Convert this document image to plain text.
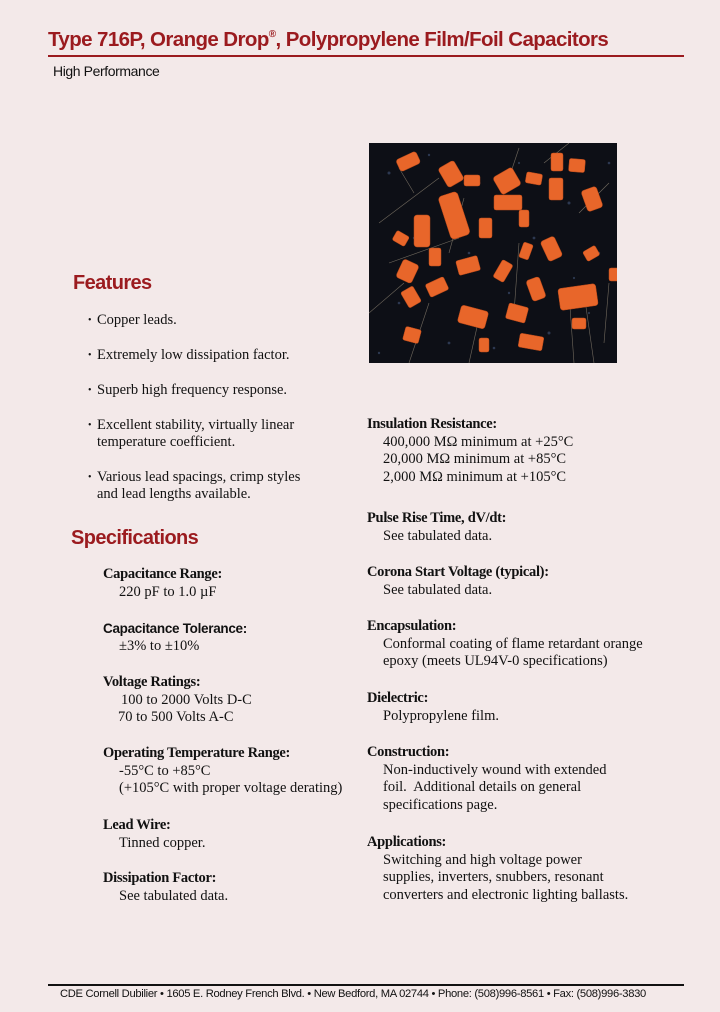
Type 716P, Orange Drop®, Polypropylene Film/Foil Capacitors
High Performance
Features
• Copper leads.
• Extremely low dissipation factor.
• Superb high frequency response.
• Excellent stability, virtually linear temperature coefficient.
• Various lead spacings, crimp styles and lead lengths available.
Specifications
Capacitance Range:
220 pF to 1.0 µF
Capacitance Tolerance:
±3% to ±10%
Voltage Ratings:
100 to 2000 Volts D-C
70 to 500 Volts A-C
Operating Temperature Range:
-55°C to +85°C
(+105°C with proper voltage derating)
Lead Wire:
Tinned copper.
Dissipation Factor:
See tabulated data.
Insulation Resistance:
400,000 MΩ minimum at +25°C
20,000 MΩ minimum at +85°C
2,000 MΩ minimum at +105°C
Pulse Rise Time, dV/dt:
See tabulated data.
Corona Start Voltage (typical):
See tabulated data.
Encapsulation:
Conformal coating of flame retardant orange
epoxy (meets UL94V-0 specifications)
Dielectric:
Polypropylene film.
Construction:
Non-inductively wound with extended
foil.  Additional details on general
specifications page.
Applications:
Switching and high voltage power
supplies, inverters, snubbers, resonant
converters and electronic lighting ballasts.
CDE Cornell Dubilier • 1605 E. Rodney French Blvd. • New Bedford, MA 02744 • Phone: (508)996-8561 • Fax: (508)996-3830
